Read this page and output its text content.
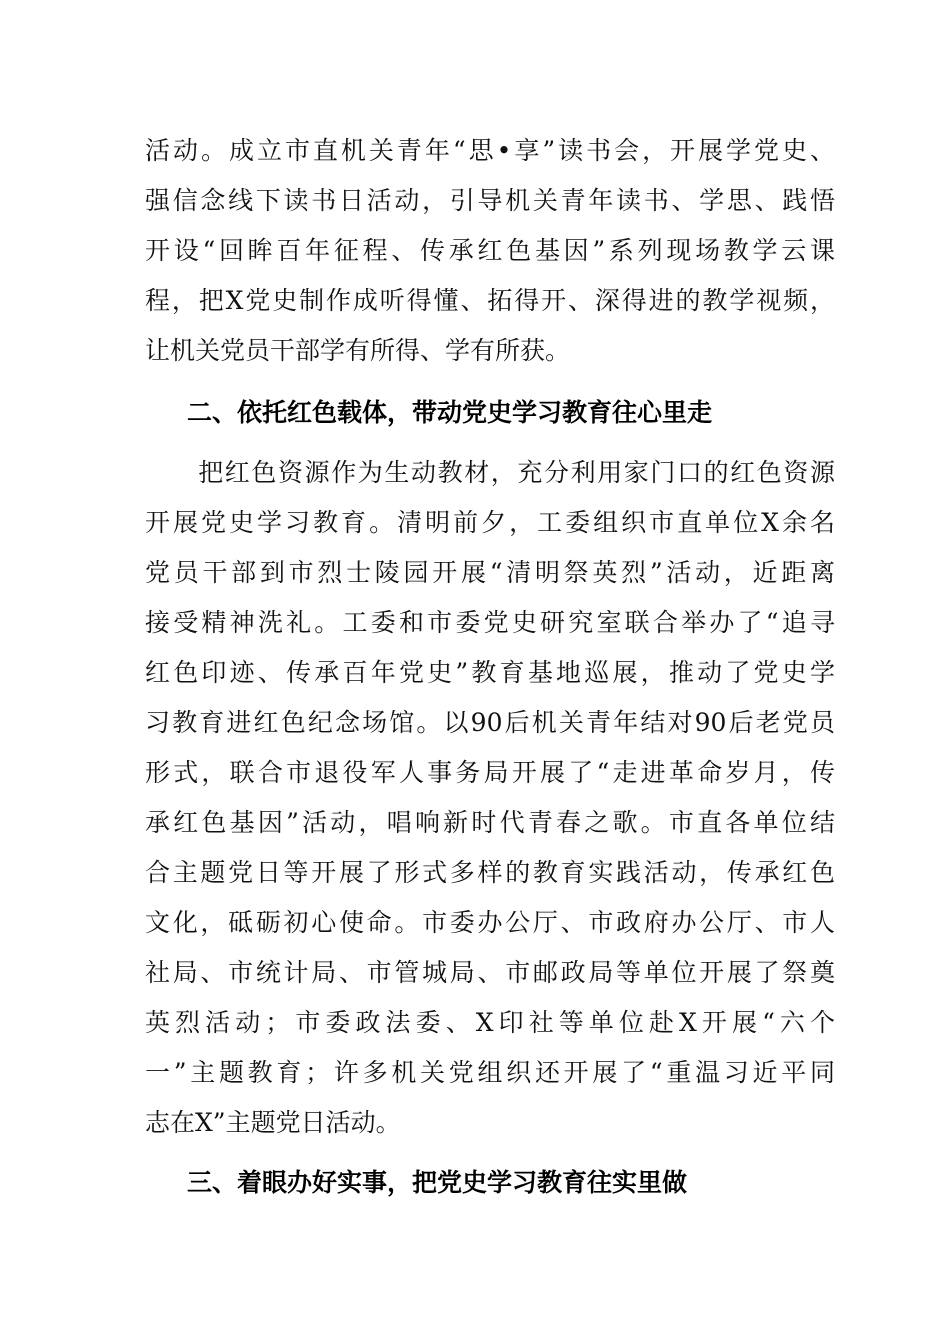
活动。成立市直机关青年“思•享”读书会，开展学党史、
强信念线下读书日活动，引导机关青年读书、学思、践悟
开设“回眸百年征程、传承红色基因”系列现场教学云课
程，把X党史制作成听得懂、拓得开、深得进的教学视频，
让机关党员干部学有所得、学有所获。
二、依托红色载体，带动党史学习教育往心里走
　　把红色资源作为生动教材，充分利用家门口的红色资源
开展党史学习教育。清明前夕，工委组织市直单位X余名
党员干部到市烈士陵园开展“清明祭英烈”活动，近距离
接受精神洗礼。工委和市委党史研究室联合举办了“追寻
红色印迹、传承百年党史”教育基地巡展，推动了党史学
习教育进红色纪念场馆。以90后机关青年结对90后老党员
形式，联合市退役军人事务局开展了“走进革命岁月，传
承红色基因”活动，唱响新时代青春之歌。市直各单位结
合主题党日等开展了形式多样的教育实践活动，传承红色
文化，砥砺初心使命。市委办公厅、市政府办公厅、市人
社局、市统计局、市管城局、市邮政局等单位开展了祭奠
英烈活动；市委政法委、X印社等单位赴X开展“六个
一”主题教育；许多机关党组织还开展了“重温习近平同
志在X”主题党日活动。
三、着眼办好实事，把党史学习教育往实里做
